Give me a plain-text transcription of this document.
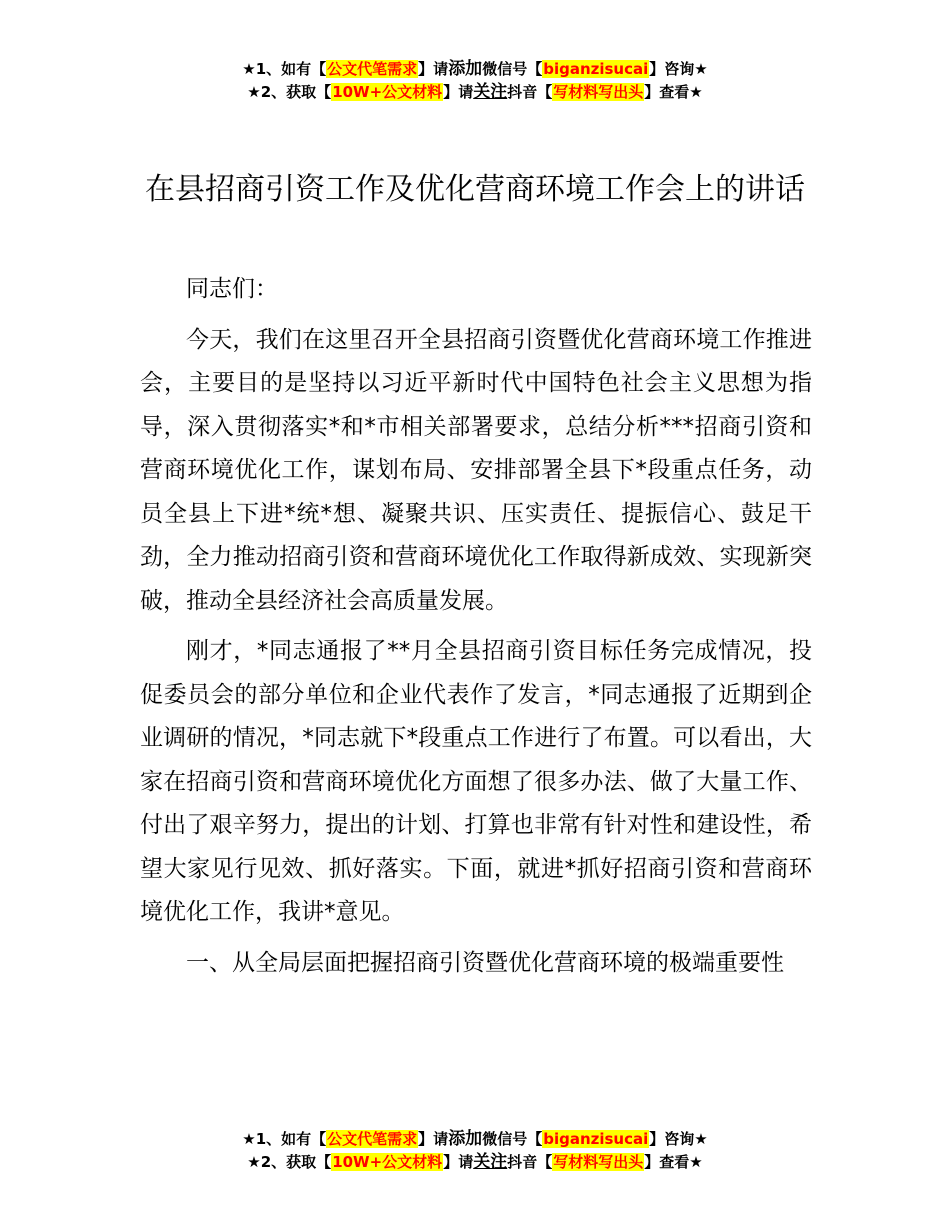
★1、如有【公文代笔需求】请添加微信号【biganzisucai】咨询★
★2、获取【10W+公文材料】请关注抖音【写材料写出头】查看★
在县招商引资工作及优化营商环境工作会上的讲话

同志们：

今天，我们在这里召开全县招商引资暨优化营商环境工作推进会，主要目的是坚持以习近平新时代中国特色社会主义思想为指导，深入贯彻落实*和*市相关部署要求，总结分析***招商引资和营商环境优化工作，谋划布局、安排部署全县下*段重点任务，动员全县上下进*统*想、凝聚共识、压实责任、提振信心、鼓足干劲，全力推动招商引资和营商环境优化工作取得新成效、实现新突破，推动全县经济社会高质量发展。

刚才，*同志通报了**月全县招商引资目标任务完成情况，投促委员会的部分单位和企业代表作了发言，*同志通报了近期到企业调研的情况，*同志就下*段重点工作进行了布置。可以看出，大家在招商引资和营商环境优化方面想了很多办法、做了大量工作、付出了艰辛努力，提出的计划、打算也非常有针对性和建设性，希望大家见行见效、抓好落实。下面，就进*抓好招商引资和营商环境优化工作，我讲*意见。

一、从全局层面把握招商引资暨优化营商环境的极端重要性

★1、如有【公文代笔需求】请添加微信号【biganzisucai】咨询★
★2、获取【10W+公文材料】请关注抖音【写材料写出头】查看★
